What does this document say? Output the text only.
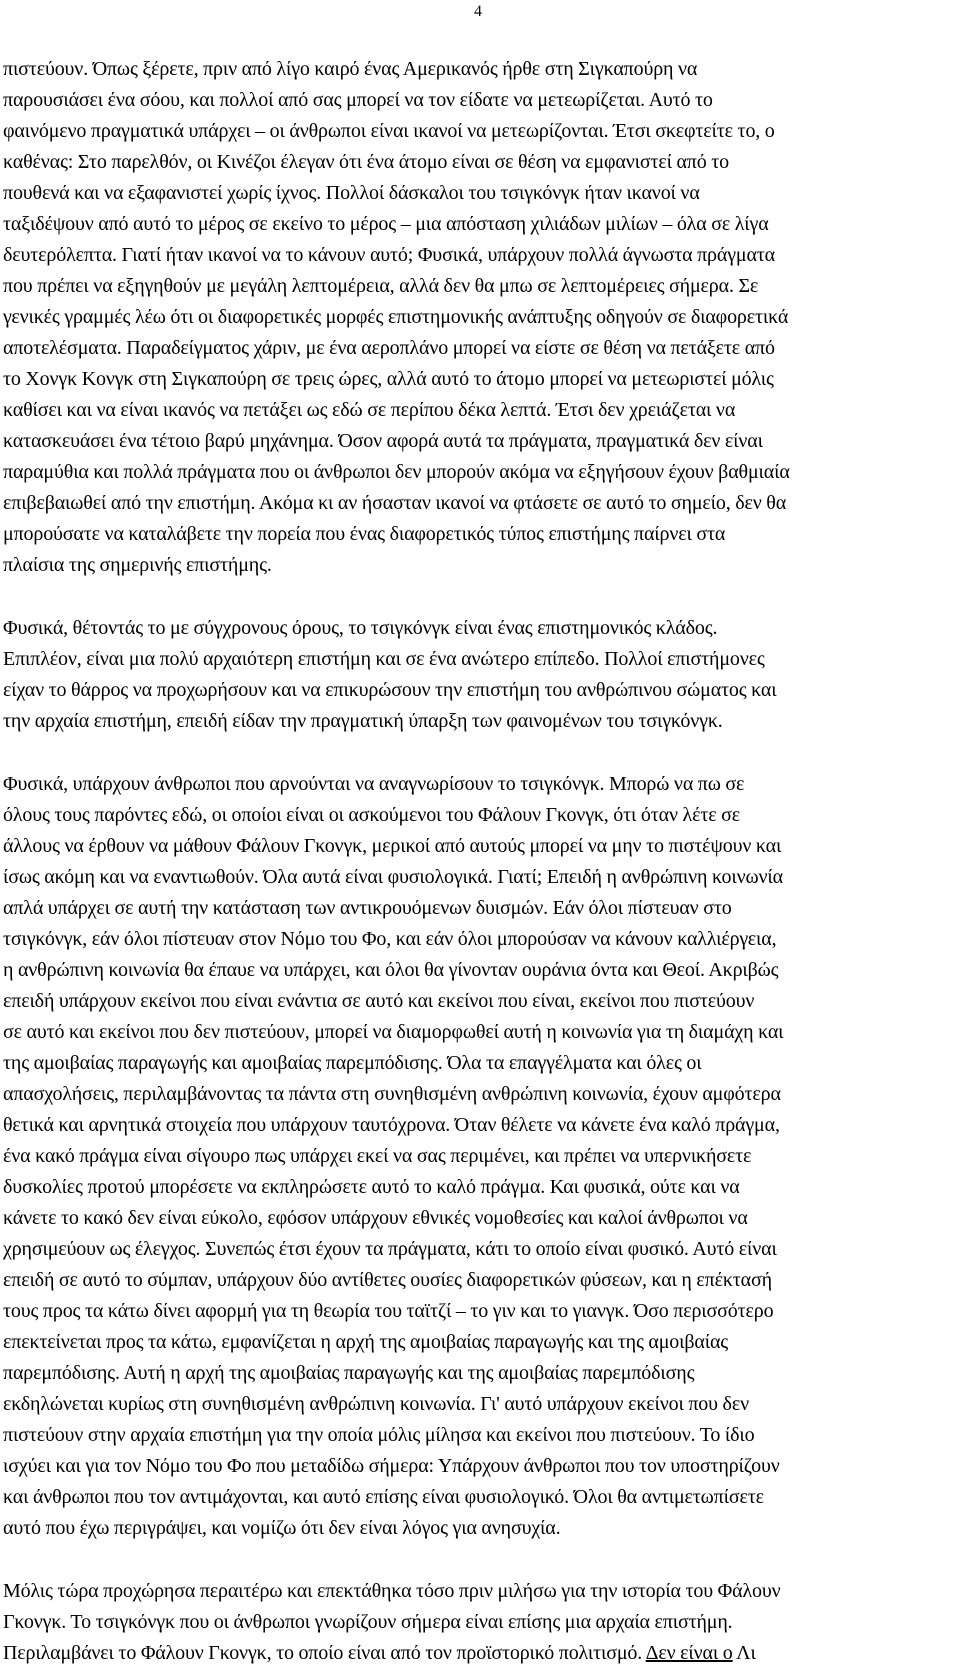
4

πιστεύουν. Όπως ξέρετε, πριν από λίγο καιρό ένας Αμερικανός ήρθε στη Σιγκαπούρη να
παρουσιάσει ένα σόου, και πολλοί από σας μπορεί να τον είδατε να μετεωρίζεται. Αυτό το
φαινόμενο πραγματικά υπάρχει – οι άνθρωποι είναι ικανοί να μετεωρίζονται. Έτσι σκεφτείτε το, ο
καθένας: Στο παρελθόν, οι Κινέζοι έλεγαν ότι ένα άτομο είναι σε θέση να εμφανιστεί από το
πουθενά και να εξαφανιστεί χωρίς ίχνος. Πολλοί δάσκαλοι του τσιγκόνγκ ήταν ικανοί να
ταξιδέψουν από αυτό το μέρος σε εκείνο το μέρος – μια απόσταση χιλιάδων μιλίων – όλα σε λίγα
δευτερόλεπτα. Γιατί ήταν ικανοί να το κάνουν αυτό; Φυσικά, υπάρχουν πολλά άγνωστα πράγματα
που πρέπει να εξηγηθούν με μεγάλη λεπτομέρεια, αλλά δεν θα μπω σε λεπτομέρειες σήμερα. Σε
γενικές γραμμές λέω ότι οι διαφορετικές μορφές επιστημονικής ανάπτυξης οδηγούν σε διαφορετικά
αποτελέσματα. Παραδείγματος χάριν, με ένα αεροπλάνο μπορεί να είστε σε θέση να πετάξετε από
το Χονγκ Κονγκ στη Σιγκαπούρη σε τρεις ώρες, αλλά αυτό το άτομο μπορεί να μετεωριστεί μόλις
καθίσει και να είναι ικανός να πετάξει ως εδώ σε περίπου δέκα λεπτά. Έτσι δεν χρειάζεται να
κατασκευάσει ένα τέτοιο βαρύ μηχάνημα. Όσον αφορά αυτά τα πράγματα, πραγματικά δεν είναι
παραμύθια και πολλά πράγματα που οι άνθρωποι δεν μπορούν ακόμα να εξηγήσουν έχουν βαθμιαία
επιβεβαιωθεί από την επιστήμη. Ακόμα κι αν ήσασταν ικανοί να φτάσετε σε αυτό το σημείο, δεν θα
μπορούσατε να καταλάβετε την πορεία που ένας διαφορετικός τύπος επιστήμης παίρνει στα
πλαίσια της σημερινής επιστήμης.

Φυσικά, θέτοντάς το με σύγχρονους όρους, το τσιγκόνγκ είναι ένας επιστημονικός κλάδος.
Επιπλέον, είναι μια πολύ αρχαιότερη επιστήμη και σε ένα ανώτερο επίπεδο. Πολλοί επιστήμονες
είχαν το θάρρος να προχωρήσουν και να επικυρώσουν την επιστήμη του ανθρώπινου σώματος και
την αρχαία επιστήμη, επειδή είδαν την πραγματική ύπαρξη των φαινομένων του τσιγκόνγκ.

Φυσικά, υπάρχουν άνθρωποι που αρνούνται να αναγνωρίσουν το τσιγκόνγκ. Μπορώ να πω σε
όλους τους παρόντες εδώ, οι οποίοι είναι οι ασκούμενοι του Φάλουν Γκονγκ, ότι όταν λέτε σε
άλλους να έρθουν να μάθουν Φάλουν Γκονγκ, μερικοί από αυτούς μπορεί να μην το πιστέψουν και
ίσως ακόμη και να εναντιωθούν. Όλα αυτά είναι φυσιολογικά. Γιατί; Επειδή η ανθρώπινη κοινωνία
απλά υπάρχει σε αυτή την κατάσταση των αντικρουόμενων δυισμών. Εάν όλοι πίστευαν στο
τσιγκόνγκ, εάν όλοι πίστευαν στον Νόμο του Φο, και εάν όλοι μπορούσαν να κάνουν καλλιέργεια,
η ανθρώπινη κοινωνία θα έπαυε να υπάρχει, και όλοι θα γίνονταν ουράνια όντα και Θεοί. Ακριβώς
επειδή υπάρχουν εκείνοι που είναι ενάντια σε αυτό και εκείνοι που είναι, εκείνοι που πιστεύουν
σε αυτό και εκείνοι που δεν πιστεύουν, μπορεί να διαμορφωθεί αυτή η κοινωνία για τη διαμάχη και
της αμοιβαίας παραγωγής και αμοιβαίας παρεμπόδισης. Όλα τα επαγγέλματα και όλες οι
απασχολήσεις, περιλαμβάνοντας τα πάντα στη συνηθισμένη ανθρώπινη κοινωνία, έχουν αμφότερα
θετικά και αρνητικά στοιχεία που υπάρχουν ταυτόχρονα. Όταν θέλετε να κάνετε ένα καλό πράγμα,
ένα κακό πράγμα είναι σίγουρο πως υπάρχει εκεί να σας περιμένει, και πρέπει να υπερνικήσετε
δυσκολίες προτού μπορέσετε να εκπληρώσετε αυτό το καλό πράγμα. Και φυσικά, ούτε και να
κάνετε το κακό δεν είναι εύκολο, εφόσον υπάρχουν εθνικές νομοθεσίες και καλοί άνθρωποι να
χρησιμεύουν ως έλεγχος. Συνεπώς έτσι έχουν τα πράγματα, κάτι το οποίο είναι φυσικό. Αυτό είναι
επειδή σε αυτό το σύμπαν, υπάρχουν δύο αντίθετες ουσίες διαφορετικών φύσεων, και η επέκτασή
τους προς τα κάτω δίνει αφορμή για τη θεωρία του ταϊτζί – το γιν και το γιανγκ. Όσο περισσότερο
επεκτείνεται προς τα κάτω, εμφανίζεται η αρχή της αμοιβαίας παραγωγής και της αμοιβαίας
παρεμπόδισης. Αυτή η αρχή της αμοιβαίας παραγωγής και της αμοιβαίας παρεμπόδισης
εκδηλώνεται κυρίως στη συνηθισμένη ανθρώπινη κοινωνία. Γι' αυτό υπάρχουν εκείνοι που δεν
πιστεύουν στην αρχαία επιστήμη για την οποία μόλις μίλησα και εκείνοι που πιστεύουν. Το ίδιο
ισχύει και για τον Νόμο του Φο που μεταδίδω σήμερα: Υπάρχουν άνθρωποι που τον υποστηρίζουν
και άνθρωποι που τον αντιμάχονται, και αυτό επίσης είναι φυσιολογικό. Όλοι θα αντιμετωπίσετε
αυτό που έχω περιγράψει, και νομίζω ότι δεν είναι λόγος για ανησυχία.

Μόλις τώρα προχώρησα περαιτέρω και επεκτάθηκα τόσο πριν μιλήσω για την ιστορία του Φάλουν
Γκονγκ. Το τσιγκόνγκ που οι άνθρωποι γνωρίζουν σήμερα είναι επίσης μια αρχαία επιστήμη.
Περιλαμβάνει το Φάλουν Γκονγκ, το οποίο είναι από τον προϊστορικό πολιτισμό. Δεν είναι ο Λι
